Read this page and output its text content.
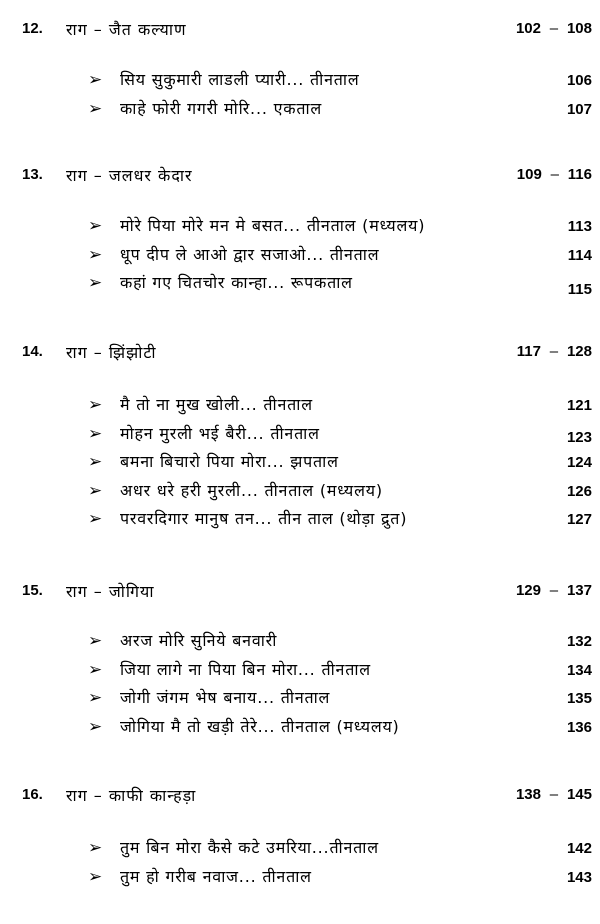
12. राग – जैत कल्याण	102 – 108
➢ सिय सुकुमारी लाडली प्यारी... तीनताल	106
➢ काहे फोरी गगरी मोरि... एकताल	107
13. राग – जलधर केदार	109 – 116
➢ मोरे पिया मोरे मन मे बसत... तीनताल (मध्यलय)	113
➢ धूप दीप ले आओ द्वार सजाओ... तीनताल	114
➢ कहां गए चितचोर कान्हा... रूपकताल	115
14. राग – झिंझोटी	117 – 128
➢ मै तो ना मुख खोली... तीनताल	121
➢ मोहन मुरली भई बैरी... तीनताल	123
➢ बमना बिचारो पिया मोरा... झपताल	124
➢ अधर धरे हरी मुरली... तीनताल (मध्यलय)	126
➢ परवरदिगार मानुष तन... तीन ताल (थोड़ा द्रुत)	127
15. राग – जोगिया	129 – 137
➢ अरज मोरि सुनिये बनवारी	132
➢ जिया लागे ना पिया बिन मोरा... तीनताल	134
➢ जोगी जंगम भेष बनाय... तीनताल	135
➢ जोगिया मै तो खड़ी तेरे... तीनताल (मध्यलय)	136
16. राग – काफी कान्हड़ा	138 – 145
➢ तुम बिन मोरा कैसे कटे उमरिया...तीनताल	142
➢ तुम हो गरीब नवाज... तीनताल	143
